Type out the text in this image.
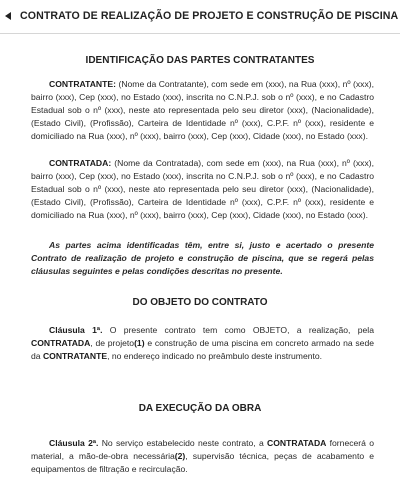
CONTRATO DE REALIZAÇÃO DE PROJETO E CONSTRUÇÃO DE PISCINA
IDENTIFICAÇÃO DAS PARTES CONTRATANTES

CONTRATANTE: (Nome da Contratante), com sede em (xxx), na Rua (xxx), nº (xxx), bairro (xxx), Cep (xxx), no Estado (xxx), inscrita no C.N.P.J. sob o nº (xxx), e no Cadastro Estadual sob o nº (xxx), neste ato representada pelo seu diretor (xxx), (Nacionalidade), (Estado Civil), (Profissão), Carteira de Identidade nº (xxx), C.P.F. nº (xxx), residente e domiciliado na Rua (xxx), nº (xxx), bairro (xxx), Cep (xxx), Cidade (xxx), no Estado (xxx).

CONTRATADA: (Nome da Contratada), com sede em (xxx), na Rua (xxx), nº (xxx), bairro (xxx), Cep (xxx), no Estado (xxx), inscrita no C.N.P.J. sob o nº (xxx), e no Cadastro Estadual sob o nº (xxx), neste ato representada pelo seu diretor (xxx), (Nacionalidade), (Estado Civil), (Profissão), Carteira de Identidade nº (xxx), C.P.F. nº (xxx), residente e domiciliado na Rua (xxx), nº (xxx), bairro (xxx), Cep (xxx), Cidade (xxx), no Estado (xxx).

As partes acima identificadas têm, entre si, justo e acertado o presente Contrato de realização de projeto e construção de piscina, que se regerá pelas cláusulas seguintes e pelas condições descritas no presente.

DO OBJETO DO CONTRATO

Cláusula 1ª. O presente contrato tem como OBJETO, a realização, pela CONTRATADA, de projeto(1) e construção de uma piscina em concreto armado na sede da CONTRATANTE, no endereço indicado no preâmbulo deste instrumento.

DA EXECUÇÃO DA OBRA

Cláusula 2ª. No serviço estabelecido neste contrato, a CONTRATADA fornecerá o material, a mão-de-obra necessária(2), supervisão técnica, peças de acabamento e equipamentos de filtração e recirculação.
